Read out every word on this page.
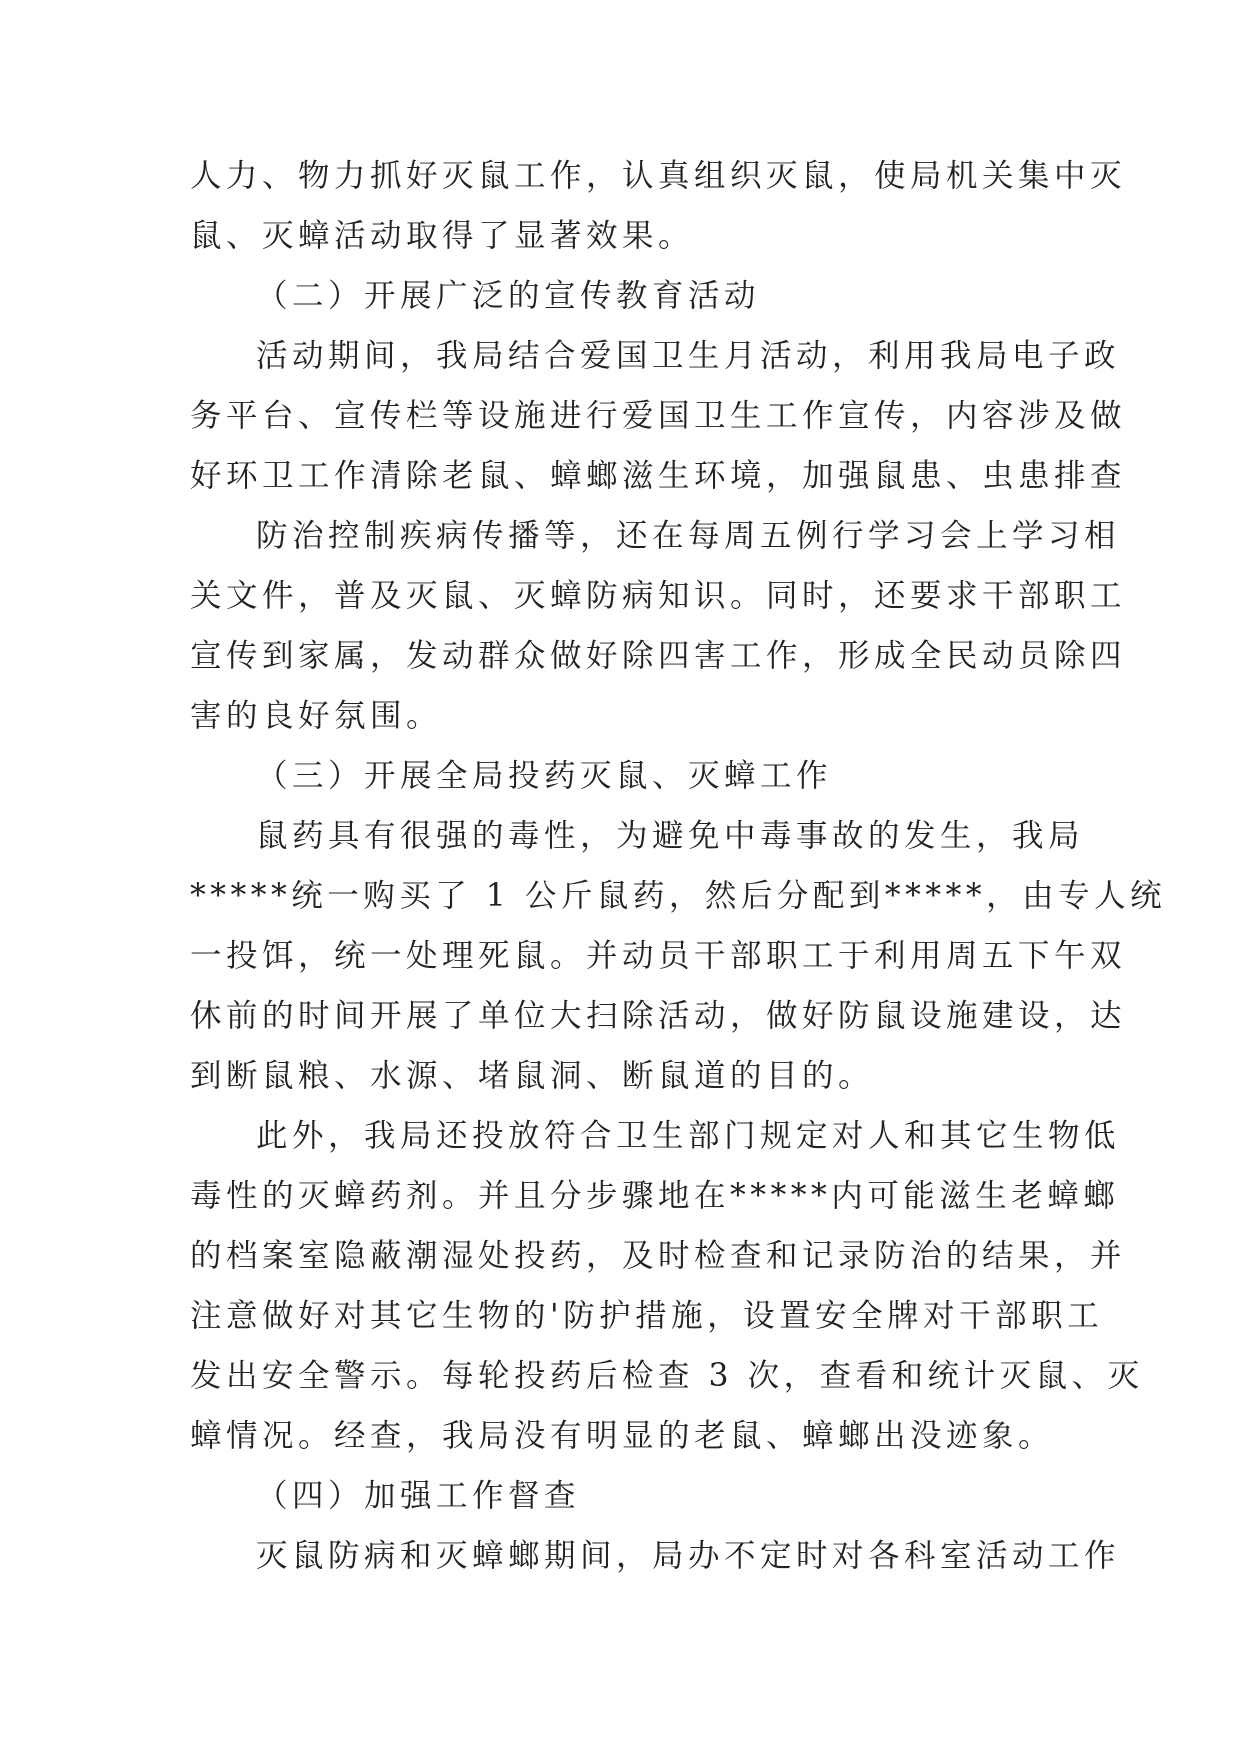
人力、物力抓好灭鼠工作，认真组织灭鼠，使局机关集中灭
鼠、灭蟑活动取得了显著效果。
（二）开展广泛的宣传教育活动
活动期间，我局结合爱国卫生月活动，利用我局电子政
务平台、宣传栏等设施进行爱国卫生工作宣传，内容涉及做
好环卫工作清除老鼠、蟑螂滋生环境，加强鼠患、虫患排查
防治控制疾病传播等，还在每周五例行学习会上学习相
关文件，普及灭鼠、灭蟑防病知识。同时，还要求干部职工
宣传到家属，发动群众做好除四害工作，形成全民动员除四
害的良好氛围。
（三）开展全局投药灭鼠、灭蟑工作
鼠药具有很强的毒性，为避免中毒事故的发生，我局
*****统一购买了 1 公斤鼠药，然后分配到*****，由专人统
一投饵，统一处理死鼠。并动员干部职工于利用周五下午双
休前的时间开展了单位大扫除活动，做好防鼠设施建设，达
到断鼠粮、水源、堵鼠洞、断鼠道的目的。
此外，我局还投放符合卫生部门规定对人和其它生物低
毒性的灭蟑药剂。并且分步骤地在*****内可能滋生老蟑螂
的档案室隐蔽潮湿处投药，及时检查和记录防治的结果，并
注意做好对其它生物的'防护措施，设置安全牌对干部职工
发出安全警示。每轮投药后检查 3 次，查看和统计灭鼠、灭
蟑情况。经查，我局没有明显的老鼠、蟑螂出没迹象。
（四）加强工作督查
灭鼠防病和灭蟑螂期间，局办不定时对各科室活动工作
